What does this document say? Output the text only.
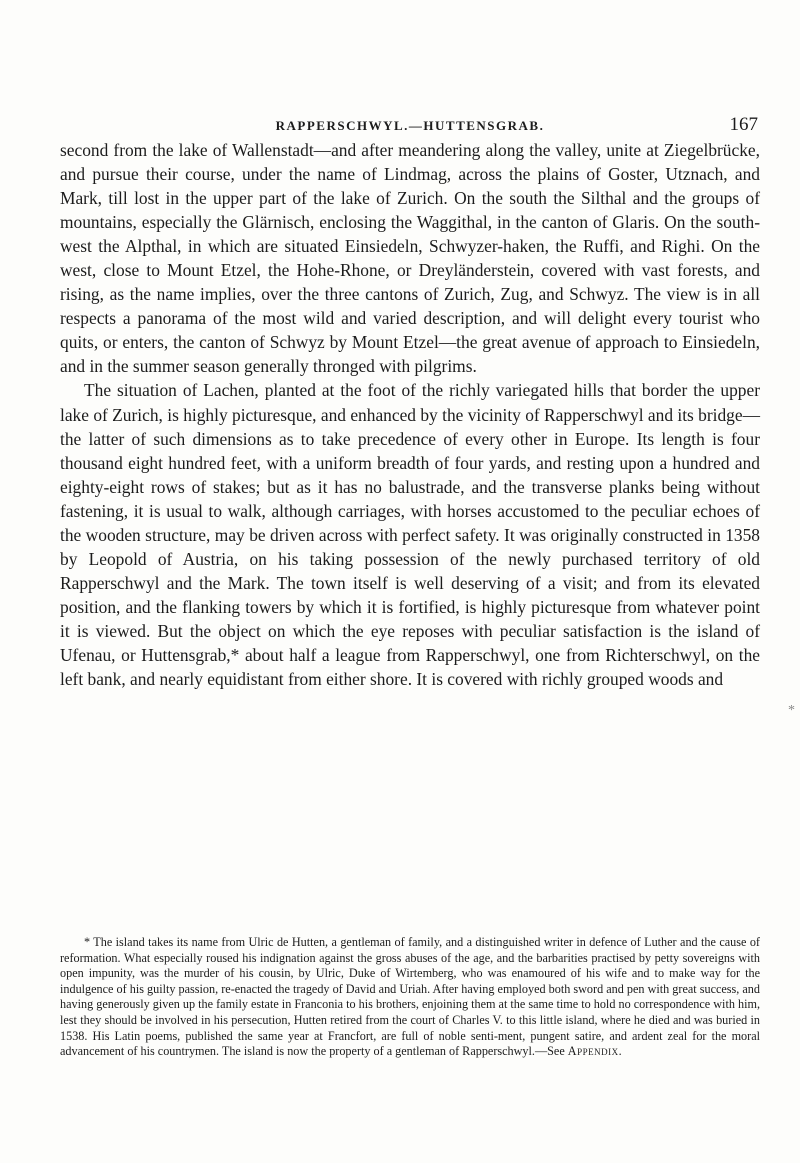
RAPPERSCHWYL.—HUTTENSGRAB.	167

second from the lake of Wallenstadt—and after meandering along the valley, unite at Ziegelbrücke, and pursue their course, under the name of Lindmag, across the plains of Goster, Utznach, and Mark, till lost in the upper part of the lake of Zurich. On the south the Silthal and the groups of mountains, especially the Glärnisch, enclosing the Waggithal, in the canton of Glaris. On the south-west the Alpthal, in which are situated Einsiedeln, Schwyzer-haken, the Ruffi, and Righi. On the west, close to Mount Etzel, the Hohe-Rhone, or Dreyländerstein, covered with vast forests, and rising, as the name implies, over the three cantons of Zurich, Zug, and Schwyz. The view is in all respects a panorama of the most wild and varied description, and will delight every tourist who quits, or enters, the canton of Schwyz by Mount Etzel—the great avenue of approach to Einsiedeln, and in the summer season generally thronged with pilgrims.

The situation of Lachen, planted at the foot of the richly variegated hills that border the upper lake of Zurich, is highly picturesque, and enhanced by the vicinity of Rapperschwyl and its bridge—the latter of such dimensions as to take precedence of every other in Europe. Its length is four thousand eight hundred feet, with a uniform breadth of four yards, and resting upon a hundred and eighty-eight rows of stakes; but as it has no balustrade, and the transverse planks being without fastening, it is usual to walk, although carriages, with horses accustomed to the peculiar echoes of the wooden structure, may be driven across with perfect safety. It was originally constructed in 1358 by Leopold of Austria, on his taking possession of the newly purchased territory of old Rapperschwyl and the Mark. The town itself is well deserving of a visit; and from its elevated position, and the flanking towers by which it is fortified, is highly picturesque from whatever point it is viewed. But the object on which the eye reposes with peculiar satisfaction is the island of Ufenau, or Huttensgrab,* about half a league from Rapperschwyl, one from Richterschwyl, on the left bank, and nearly equidistant from either shore. It is covered with richly grouped woods and

*

* The island takes its name from Ulric de Hutten, a gentleman of family, and a distinguished writer in defence of Luther and the cause of reformation. What especially roused his indignation against the gross abuses of the age, and the barbarities practised by petty sovereigns with open impunity, was the murder of his cousin, by Ulric, Duke of Wirtemberg, who was enamoured of his wife and to make way for the indulgence of his guilty passion, re-enacted the tragedy of David and Uriah. After having employed both sword and pen with great success, and having generously given up the family estate in Franconia to his brothers, enjoining them at the same time to hold no correspondence with him, lest they should be involved in his persecution, Hutten retired from the court of Charles V. to this little island, where he died and was buried in 1538. His Latin poems, published the same year at Francfort, are full of noble senti-ment, pungent satire, and ardent zeal for the moral advancement of his countrymen. The island is now the property of a gentleman of Rapperschwyl.—See Appendix.
